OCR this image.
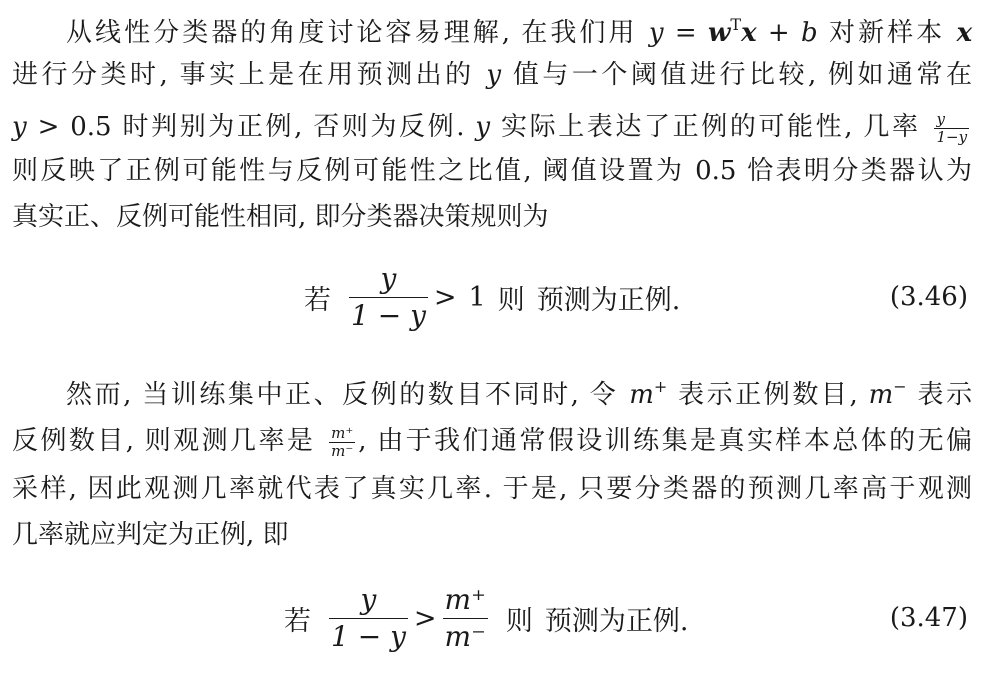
从线性分类器的角度讨论容易理解, 在我们用 $y = w^Tx + b$ 对新样本 x
进行分类时, 事实上是在用预测出的 y 值与一个阈值进行比较, 例如通常在
y > 0.5 时判别为正例, 否则为反例. y 实际上表达了正例的可能性, 几率 $\frac{y}{1-y}$
则反映了正例可能性与反例可能性之比值, 阈值设置为 0.5 恰表明分类器认为
真实正、反例可能性相同, 即分类器决策规则为
若 $\frac{y}{1 - y} > 1$ 则 预测为正例.	(3.46)
然而, 当训练集中正、反例的数目不同时, 令 m+ 表示正例数目, m− 表示
反例数目, 则观测几率是 $\frac{m^+}{m^-}$ , 由于我们通常假设训练集是真实样本总体的无偏
采样, 因此观测几率就代表了真实几率. 于是, 只要分类器的预测几率高于观测
几率就应判定为正例, 即
若 $\frac{y}{1 - y} > \frac{m^+}{m^-}$ 则 预测为正例.	(3.47)
